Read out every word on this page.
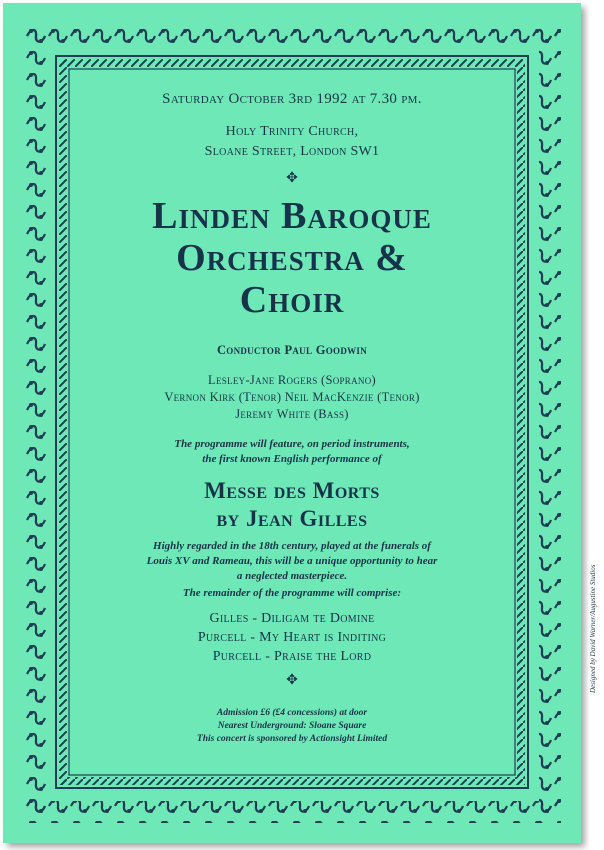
Saturday October 3rd 1992 at 7.30 pm.

Holy Trinity Church,
Sloane Street, London SW1

✥

Linden Baroque
Orchestra &
Choir

Conductor Paul Goodwin

Lesley-Jane Rogers (Soprano)
Vernon Kirk (Tenor) Neil MacKenzie (Tenor)
Jeremy White (Bass)

The programme will feature, on period instruments,
the first known English performance of

Messe des Morts
by Jean Gilles

Highly regarded in the 18th century, played at the funerals of
Louis XV and Rameau, this will be a unique opportunity to hear
a neglected masterpiece.

The remainder of the programme will comprise:

Gilles - Diligam te Domine
Purcell - My Heart is Inditing
Purcell - Praise the Lord

✥

Admission £6 (£4 concessions) at door
Nearest Underground: Sloane Square
This concert is sponsored by Actionsight Limited

Designed by David Warner/Augustine Studios
